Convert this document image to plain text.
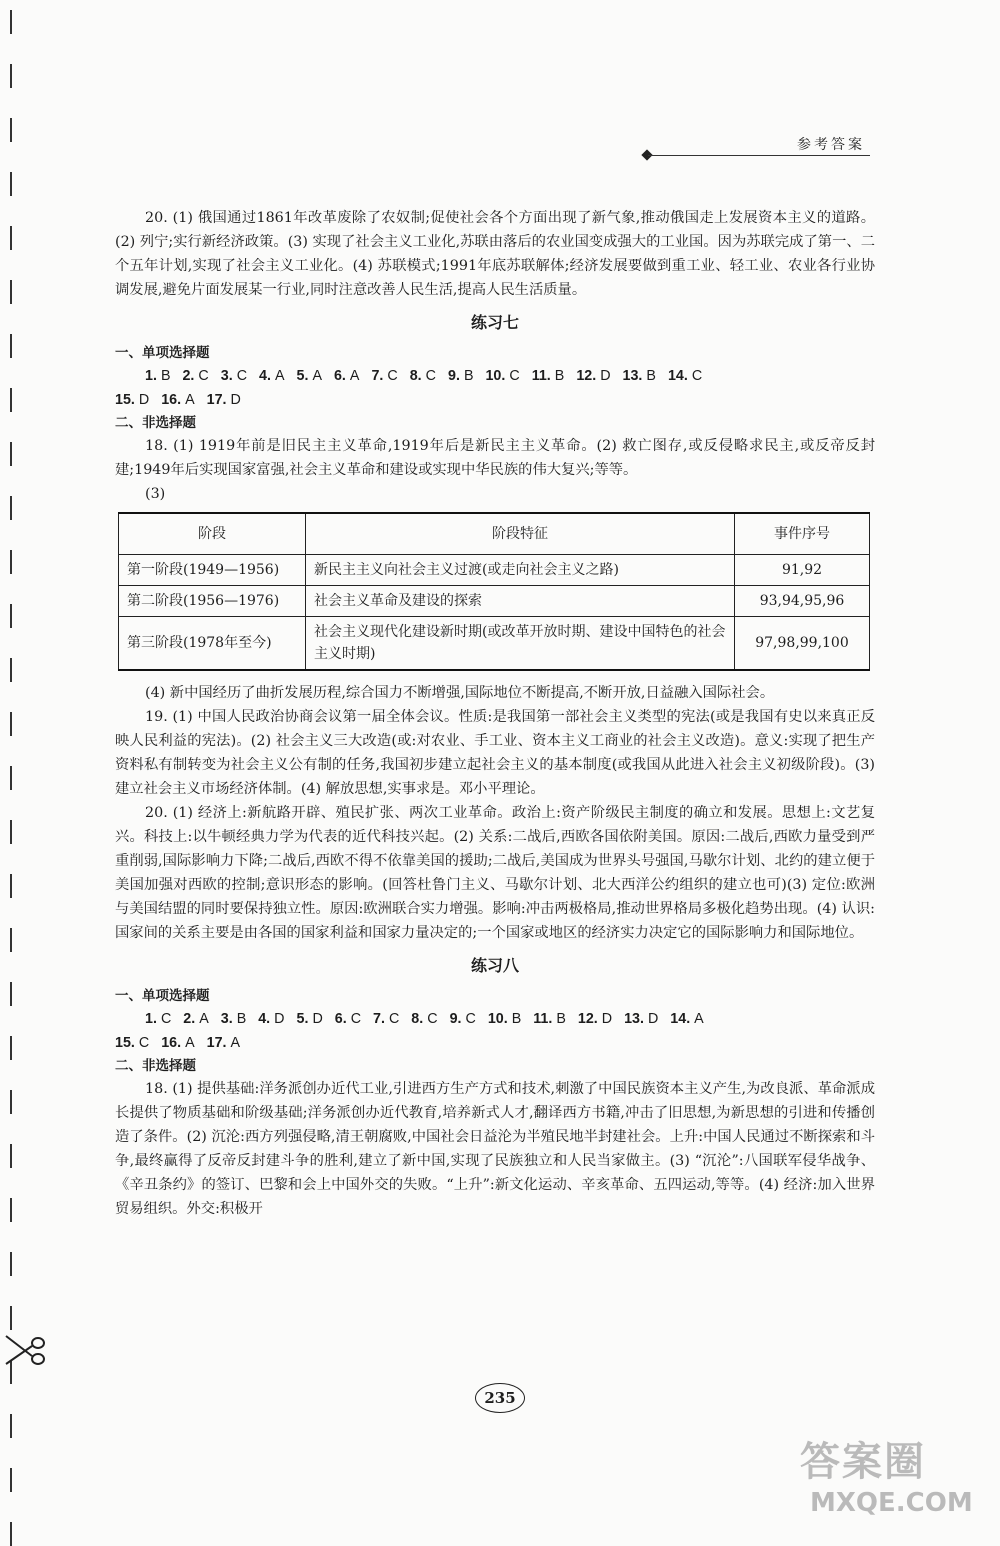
参考答案

20. (1) 俄国通过1861年改革废除了农奴制;促使社会各个方面出现了新气象,推动俄国走上发展资本主义的道路。(2) 列宁;实行新经济政策。(3) 实现了社会主义工业化,苏联由落后的农业国变成强大的工业国。因为苏联完成了第一、二个五年计划,实现了社会主义工业化。(4) 苏联模式;1991年底苏联解体;经济发展要做到重工业、轻工业、农业各行业协调发展,避免片面发展某一行业,同时注意改善人民生活,提高人民生活质量。

练习七
一、单项选择题
1. B 2. C 3. C 4. A 5. A 6. A 7. C 8. C 9. B 10. C 11. B 12. D 13. B 14. C
15. D 16. A 17. D
二、非选择题

18. (1) 1919年前是旧民主主义革命,1919年后是新民主主义革命。(2) 救亡图存,或反侵略求民主,或反帝反封建;1949年后实现国家富强,社会主义革命和建设或实现中华民族的伟大复兴;等等。

(3)

阶段	阶段特征	事件序号
第一阶段(1949—1956)	新民主主义向社会主义过渡(或走向社会主义之路)	91,92
第二阶段(1956—1976)	社会主义革命及建设的探索	93,94,95,96
第三阶段(1978年至今)	社会主义现代化建设新时期(或改革开放时期、建设中国特色的社会主义时期)	97,98,99,100

(4) 新中国经历了曲折发展历程,综合国力不断增强,国际地位不断提高,不断开放,日益融入国际社会。

19. (1) 中国人民政治协商会议第一届全体会议。性质:是我国第一部社会主义类型的宪法(或是我国有史以来真正反映人民利益的宪法)。(2) 社会主义三大改造(或:对农业、手工业、资本主义工商业的社会主义改造)。意义:实现了把生产资料私有制转变为社会主义公有制的任务,我国初步建立起社会主义的基本制度(或我国从此进入社会主义初级阶段)。(3) 建立社会主义市场经济体制。(4) 解放思想,实事求是。邓小平理论。

20. (1) 经济上:新航路开辟、殖民扩张、两次工业革命。政治上:资产阶级民主制度的确立和发展。思想上:文艺复兴。科技上:以牛顿经典力学为代表的近代科技兴起。(2) 关系:二战后,西欧各国依附美国。原因:二战后,西欧力量受到严重削弱,国际影响力下降;二战后,西欧不得不依靠美国的援助;二战后,美国成为世界头号强国,马歇尔计划、北约的建立便于美国加强对西欧的控制;意识形态的影响。(回答杜鲁门主义、马歇尔计划、北大西洋公约组织的建立也可)(3) 定位:欧洲与美国结盟的同时要保持独立性。原因:欧洲联合实力增强。影响:冲击两极格局,推动世界格局多极化趋势出现。(4) 认识:国家间的关系主要是由各国的国家利益和国家力量决定的;一个国家或地区的经济实力决定它的国际影响力和国际地位。

练习八
一、单项选择题
1. C 2. A 3. B 4. D 5. D 6. C 7. C 8. C 9. C 10. B 11. B 12. D 13. D 14. A
15. C 16. A 17. A
二、非选择题

18. (1) 提供基础:洋务派创办近代工业,引进西方生产方式和技术,刺激了中国民族资本主义产生,为改良派、革命派成长提供了物质基础和阶级基础;洋务派创办近代教育,培养新式人才,翻译西方书籍,冲击了旧思想,为新思想的引进和传播创造了条件。(2) 沉沦:西方列强侵略,清王朝腐败,中国社会日益沦为半殖民地半封建社会。上升:中国人民通过不断探索和斗争,最终赢得了反帝反封建斗争的胜利,建立了新中国,实现了民族独立和人民当家做主。(3) “沉沦”:八国联军侵华战争、《辛丑条约》的签订、巴黎和会上中国外交的失败。“上升”:新文化运动、辛亥革命、五四运动,等等。(4) 经济:加入世界贸易组织。外交:积极开

235
答案圈
MXQE.COM
